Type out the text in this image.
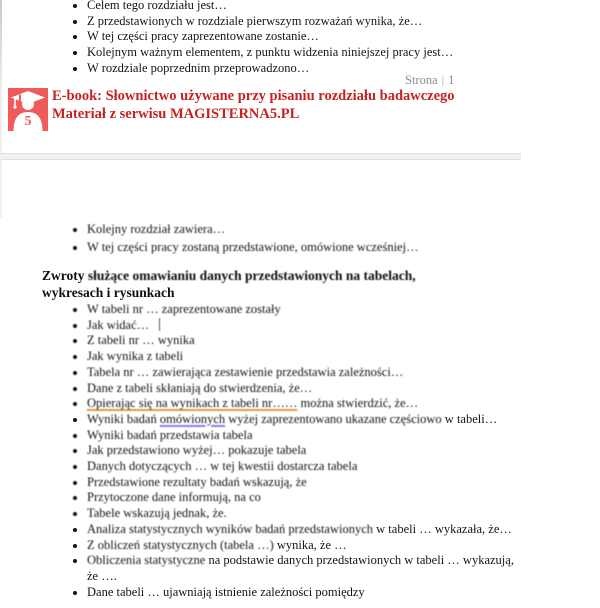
• Celem tego rozdziału jest…
• Z przedstawionych w rozdziale pierwszym rozważań wynika, że…
• W tej części pracy zaprezentowane zostanie…
• Kolejnym ważnym elementem, z punktu widzenia niniejszej pracy jest…
• W rozdziale poprzednim przeprowadzono…
Strona | 1
5
E-book: Słownictwo używane przy pisaniu rozdziału badawczego
Materiał z serwisu MAGISTERNA5.PL
• Kolejny rozdział zawiera…
• W tej części pracy zostaną przedstawione, omówione wcześniej…
Zwroty służące omawianiu danych przedstawionych na tabelach, wykresach i rysunkach
• W tabeli nr … zaprezentowane zostały
• Jak widać…
• Z tabeli nr … wynika
• Jak wynika z tabeli
• Tabela nr … zawierająca zestawienie przedstawia zależności…
• Dane z tabeli skłaniają do stwierdzenia, że…
• Opierając się na wynikach z tabeli nr…… można stwierdzić, że…
• Wyniki badań omówionych wyżej zaprezentowano ukazane częściowo w tabeli…
• Wyniki badań przedstawia tabela
• Jak przedstawiono wyżej… pokazuje tabela
• Danych dotyczących … w tej kwestii dostarcza tabela
• Przedstawione rezultaty badań wskazują, że
• Przytoczone dane informują, na co
• Tabele wskazują jednak, że.
• Analiza statystycznych wyników badań przedstawionych w tabeli … wykazała, że…
• Z obliczeń statystycznych (tabela …) wynika, że …
• Obliczenia statystyczne na podstawie danych przedstawionych w tabeli … wykazują, że ….
• Dane tabeli … ujawniają istnienie zależności pomiędzy
